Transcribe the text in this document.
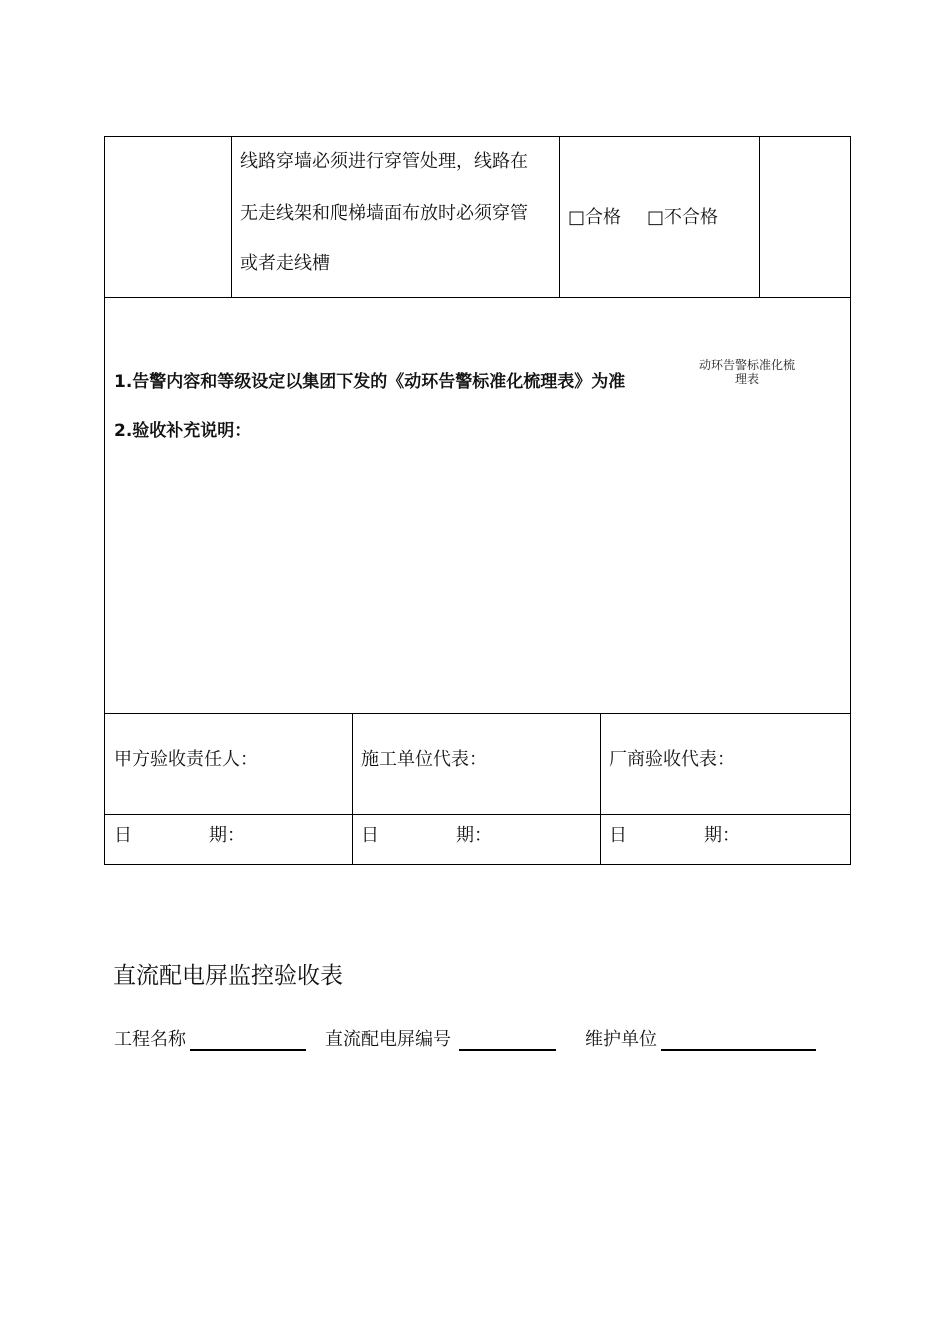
线路穿墙必须进行穿管处理，线路在
无走线架和爬梯墙面布放时必须穿管
或者走线槽
□合格 □不合格
1.告警内容和等级设定以集团下发的《动环告警标准化梳理表》为准
动环告警标准化梳
理表
2.验收补充说明：
甲方验收责任人：	施工单位代表：	厂商验收代表：
日	期：	日	期：	日	期：
直流配电屏监控验收表
工程名称	直流配电屏编号	维护单位
